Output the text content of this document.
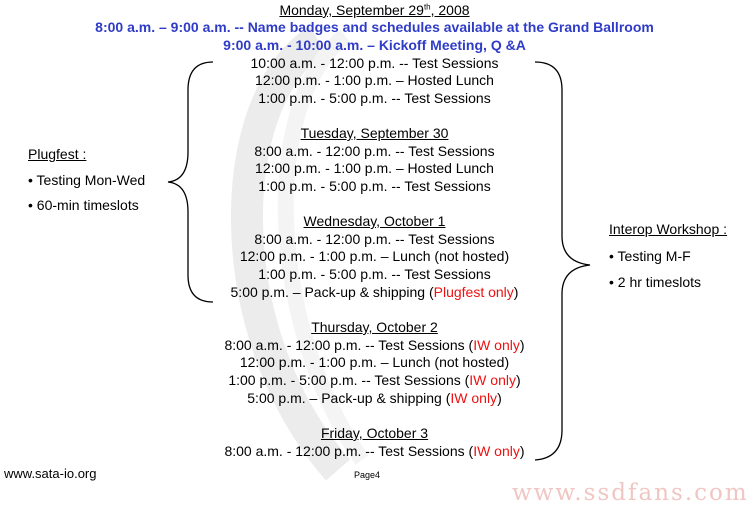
Monday, September 29th, 2008
8:00 a.m. – 9:00 a.m. -- Name badges and schedules available at the Grand Ballroom
9:00 a.m. - 10:00 a.m. – Kickoff Meeting, Q &A
10:00 a.m. - 12:00 p.m. -- Test Sessions
12:00 p.m. - 1:00 p.m. – Hosted Lunch
1:00 p.m. - 5:00 p.m. -- Test Sessions
Tuesday, September 30
8:00 a.m. - 12:00 p.m. -- Test Sessions
12:00 p.m. - 1:00 p.m. – Hosted Lunch
1:00 p.m. - 5:00 p.m. -- Test Sessions
Wednesday, October 1
8:00 a.m. - 12:00 p.m. -- Test Sessions
12:00 p.m. - 1:00 p.m. – Lunch (not hosted)
1:00 p.m. - 5:00 p.m. -- Test Sessions
5:00 p.m. – Pack-up & shipping (Plugfest only)
Thursday, October 2
8:00 a.m. - 12:00 p.m. -- Test Sessions (IW only)
12:00 p.m. - 1:00 p.m. – Lunch (not hosted)
1:00 p.m. - 5:00 p.m. -- Test Sessions (IW only)
5:00 p.m. – Pack-up & shipping (IW only)
Friday, October 3
8:00 a.m. - 12:00 p.m. -- Test Sessions (IW only)
Plugfest :
• Testing Mon-Wed
• 60-min timeslots
Interop Workshop :
• Testing M-F
• 2 hr timeslots
www.sata-io.org	Page4
www.ssdfans.com
